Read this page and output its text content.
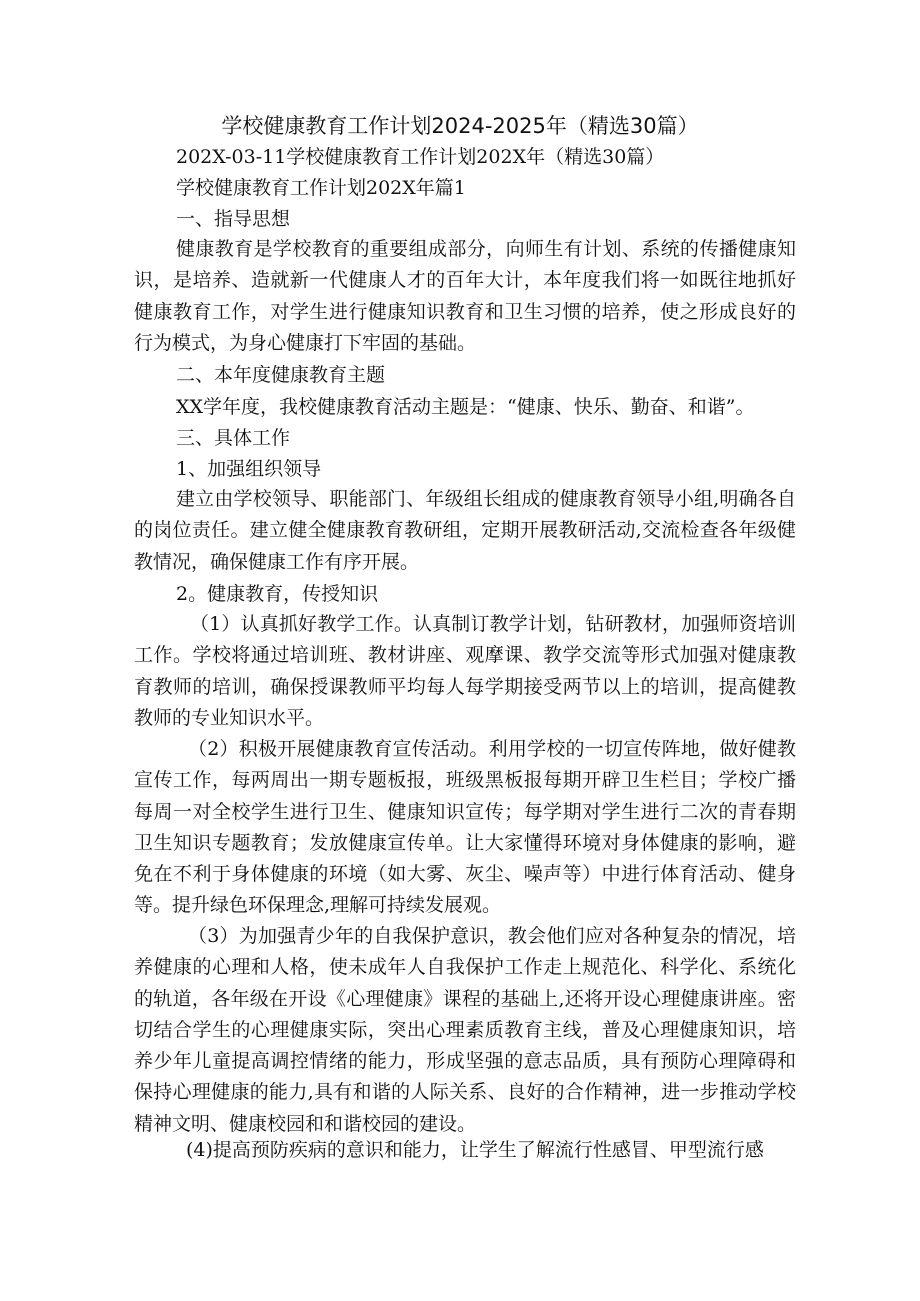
学校健康教育工作计划2024-2025年（精选30篇）
202X-03-11学校健康教育工作计划202X年（精选30篇）
学校健康教育工作计划202X年篇1
一、指导思想

健康教育是学校教育的重要组成部分，向师生有计划、系统的传播健康知识，是培养、造就新一代健康人才的百年大计，本年度我们将一如既往地抓好健康教育工作，对学生进行健康知识教育和卫生习惯的培养，使之形成良好的行为模式，为身心健康打下牢固的基础。

二、本年度健康教育主题
XX学年度，我校健康教育活动主题是：“健康、快乐、勤奋、和谐”。
三、具体工作
1、加强组织领导

建立由学校领导、职能部门、年级组长组成的健康教育领导小组,明确各自的岗位责任。建立健全健康教育教研组，定期开展教研活动,交流检查各年级健教情况，确保健康工作有序开展。

2。健康教育，传授知识

（1）认真抓好教学工作。认真制订教学计划，钻研教材，加强师资培训工作。学校将通过培训班、教材讲座、观摩课、教学交流等形式加强对健康教育教师的培训，确保授课教师平均每人每学期接受两节以上的培训，提高健教教师的专业知识水平。

（2）积极开展健康教育宣传活动。利用学校的一切宣传阵地，做好健教宣传工作，每两周出一期专题板报，班级黑板报每期开辟卫生栏目；学校广播每周一对全校学生进行卫生、健康知识宣传；每学期对学生进行二次的青春期卫生知识专题教育；发放健康宣传单。让大家懂得环境对身体健康的影响，避免在不利于身体健康的环境（如大雾、灰尘、噪声等）中进行体育活动、健身等。提升绿色环保理念,理解可持续发展观。

（3）为加强青少年的自我保护意识，教会他们应对各种复杂的情况，培养健康的心理和人格，使未成年人自我保护工作走上规范化、科学化、系统化的轨道，各年级在开设《心理健康》课程的基础上,还将开设心理健康讲座。密切结合学生的心理健康实际，突出心理素质教育主线，普及心理健康知识，培养少年儿童提高调控情绪的能力，形成坚强的意志品质，具有预防心理障碍和保持心理健康的能力,具有和谐的人际关系、良好的合作精神，进一步推动学校精神文明、健康校园和和谐校园的建设。

(4)提高预防疾病的意识和能力，让学生了解流行性感冒、甲型流行感
